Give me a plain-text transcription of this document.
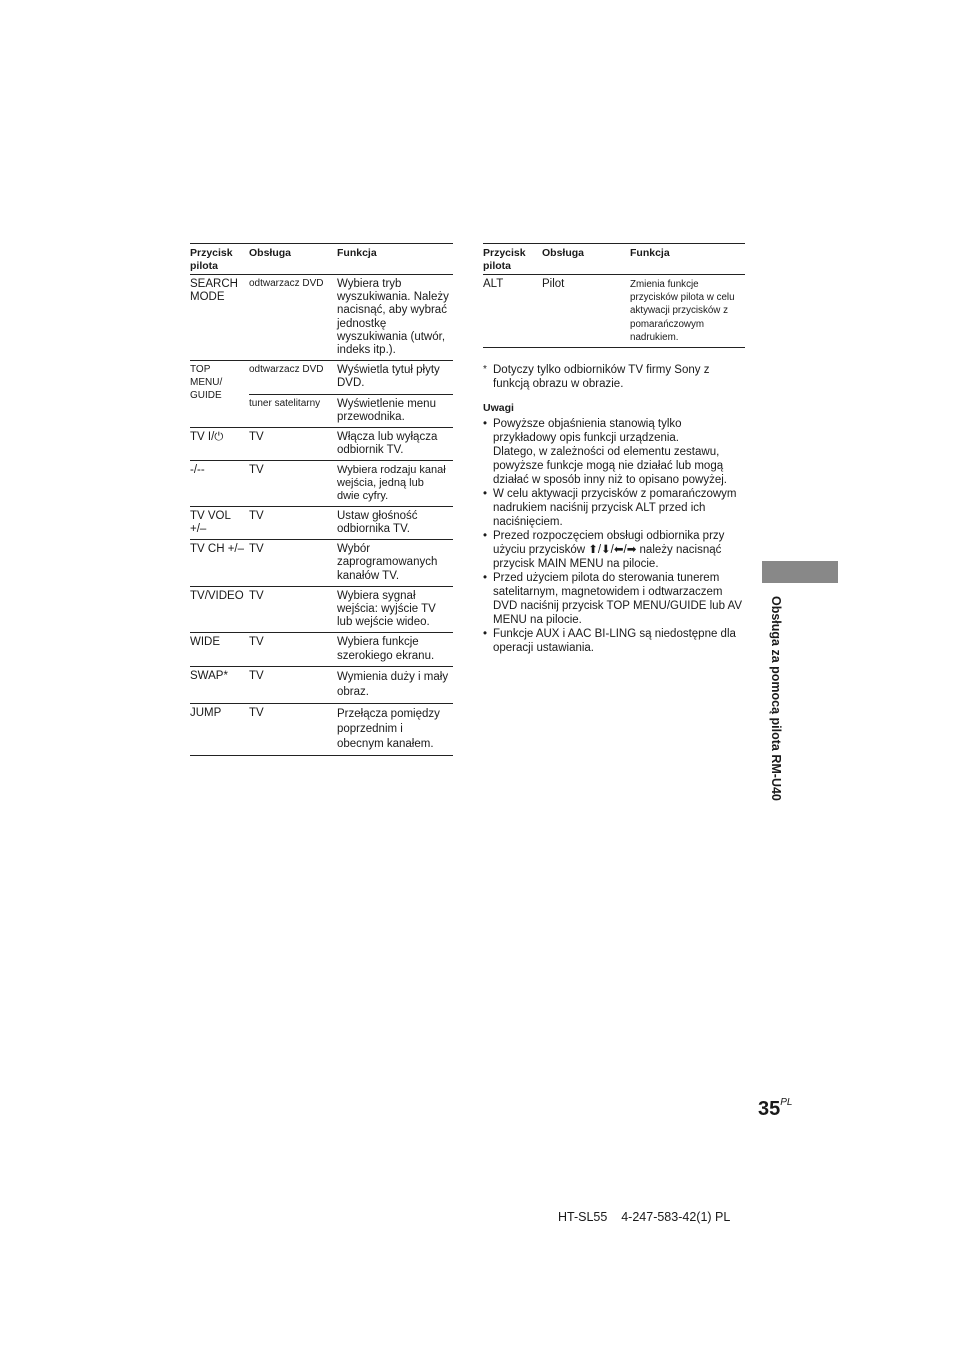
Przycisk pilota	Obsługa	Funkcja
SEARCH MODE	odtwarzacz DVD	Wybiera tryb wyszukiwania. Należy nacisnąć, aby wybrać jednostkę wyszukiwania (utwór, indeks itp.).
TOP MENU/ GUIDE	odtwarzacz DVD	Wyświetla tytuł płyty DVD.
	tuner satelitarny	Wyświetlenie menu przewodnika.
TV I/⏻	TV	Włącza lub wyłącza odbiornik TV.
-/--	TV	Wybiera rodzaju kanał wejścia, jedną lub dwie cyfry.
TV VOL +/–	TV	Ustaw głośność odbiornika TV.
TV CH +/–	TV	Wybór zaprogramowanych kanałów TV.
TV/VIDEO	TV	Wybiera sygnał wejścia: wyjście TV lub wejście wideo.
WIDE	TV	Wybiera funkcje szerokiego ekranu.
SWAP*	TV	Wymienia duży i mały obraz.
JUMP	TV	Przełącza pomiędzy poprzednim i obecnym kanałem.
Przycisk pilota	Obsługa	Funkcja
ALT	Pilot	Zmienia funkcje przycisków pilota w celu aktywacji przycisków z pomarańczowym nadrukiem.
* Dotyczy tylko odbiorników TV firmy Sony z funkcją obrazu w obrazie.
Uwagi

• Powyższe objaśnienia stanowią tylko przykładowy opis funkcji urządzenia.

Dlatego, w zależności od elementu zestawu, powyższe funkcje mogą nie działać lub mogą działać w sposób inny niż to opisano powyżej.

• W celu aktywacji przycisków z pomarańczowym nadrukiem naciśnij przycisk ALT przed ich naciśnięciem.
• Prezed rozpoczęciem obsługi odbiornika przy użyciu przycisków ⬆/⬇/⬅/➡ należy nacisnąć przycisk MAIN MENU na pilocie.
• Przed użyciem pilota do sterowania tunerem satelitarnym, magnetowidem i odtwarzaczem DVD naciśnij przycisk TOP MENU/GUIDE lub AV MENU na pilocie.
• Funkcje AUX i AAC BI-LING są niedostępne dla operacji ustawiania.	Obsługa za pomocą pilota RM-U40
$35^{PL}$
HT-SL55    4-247-583-42(1) PL
